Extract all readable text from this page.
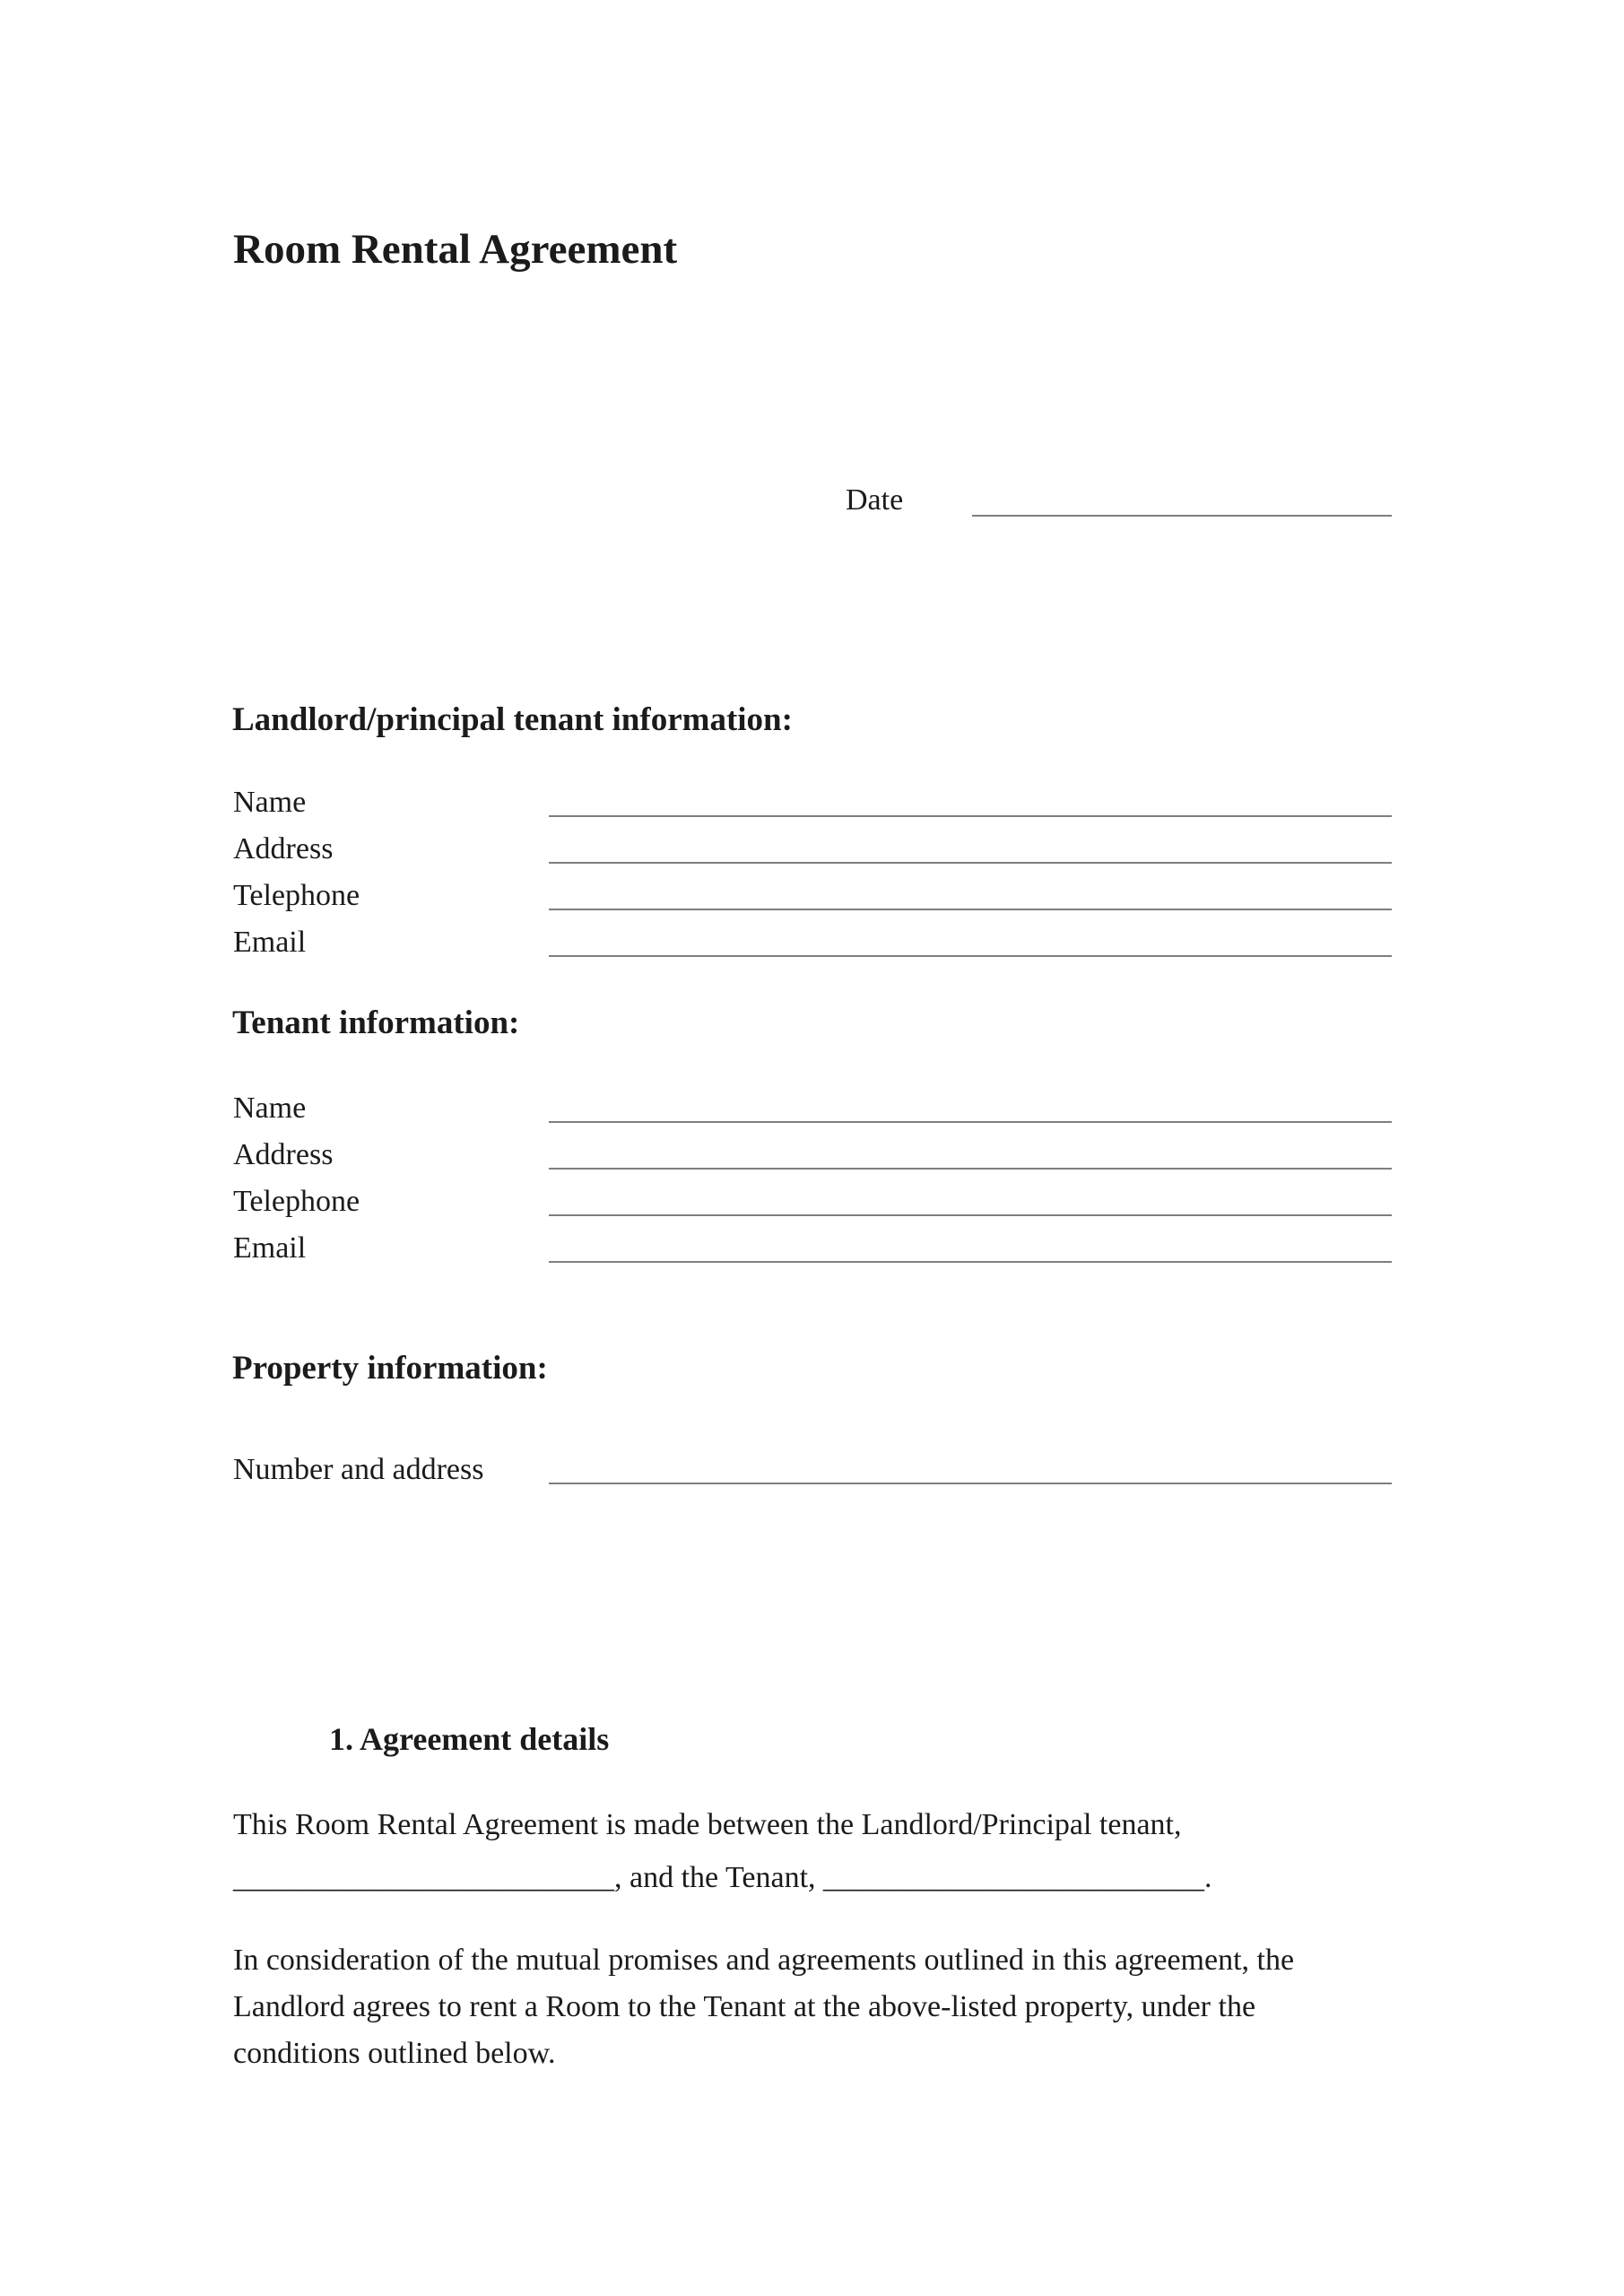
Room Rental Agreement
Date
Landlord/principal tenant information:
Name
Address
Telephone
Email
Tenant information:
Name
Address
Telephone
Email
Property information:
Number and address
1. Agreement details
This Room Rental Agreement is made between the Landlord/Principal tenant,
_________________________, and the Tenant, _________________________.
In consideration of the mutual promises and agreements outlined in this agreement, the
Landlord agrees to rent a Room to the Tenant at the above-listed property, under the
conditions outlined below.
